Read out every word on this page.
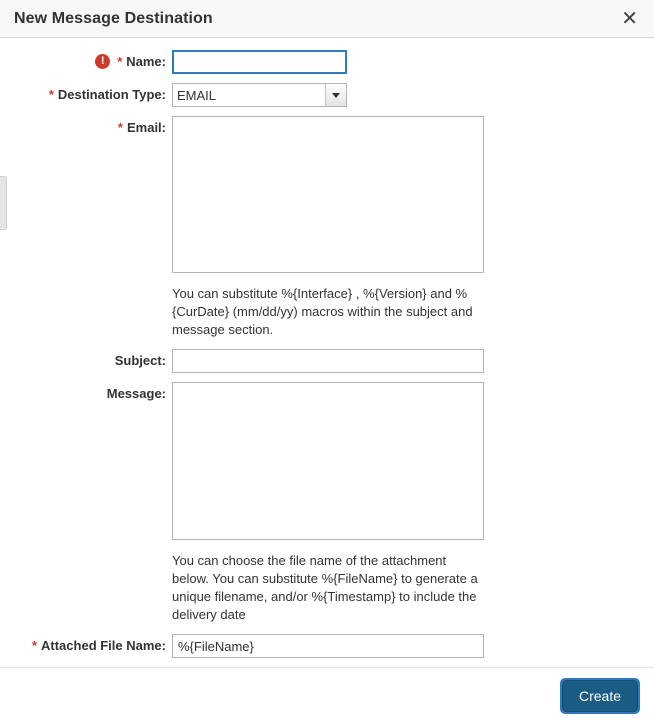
New Message Destination	✕
! * Name:
* Destination Type:
EMAIL
* Email:
You can substitute %{Interface} , %{Version} and %{CurDate} (mm/dd/yy) macros within the subject and message section.
Subject:
Message:
You can choose the file name of the attachment below. You can substitute %{FileName} to generate a unique filename, and/or %{Timestamp} to include the delivery date
* Attached File Name:
%{FileName}
Create
